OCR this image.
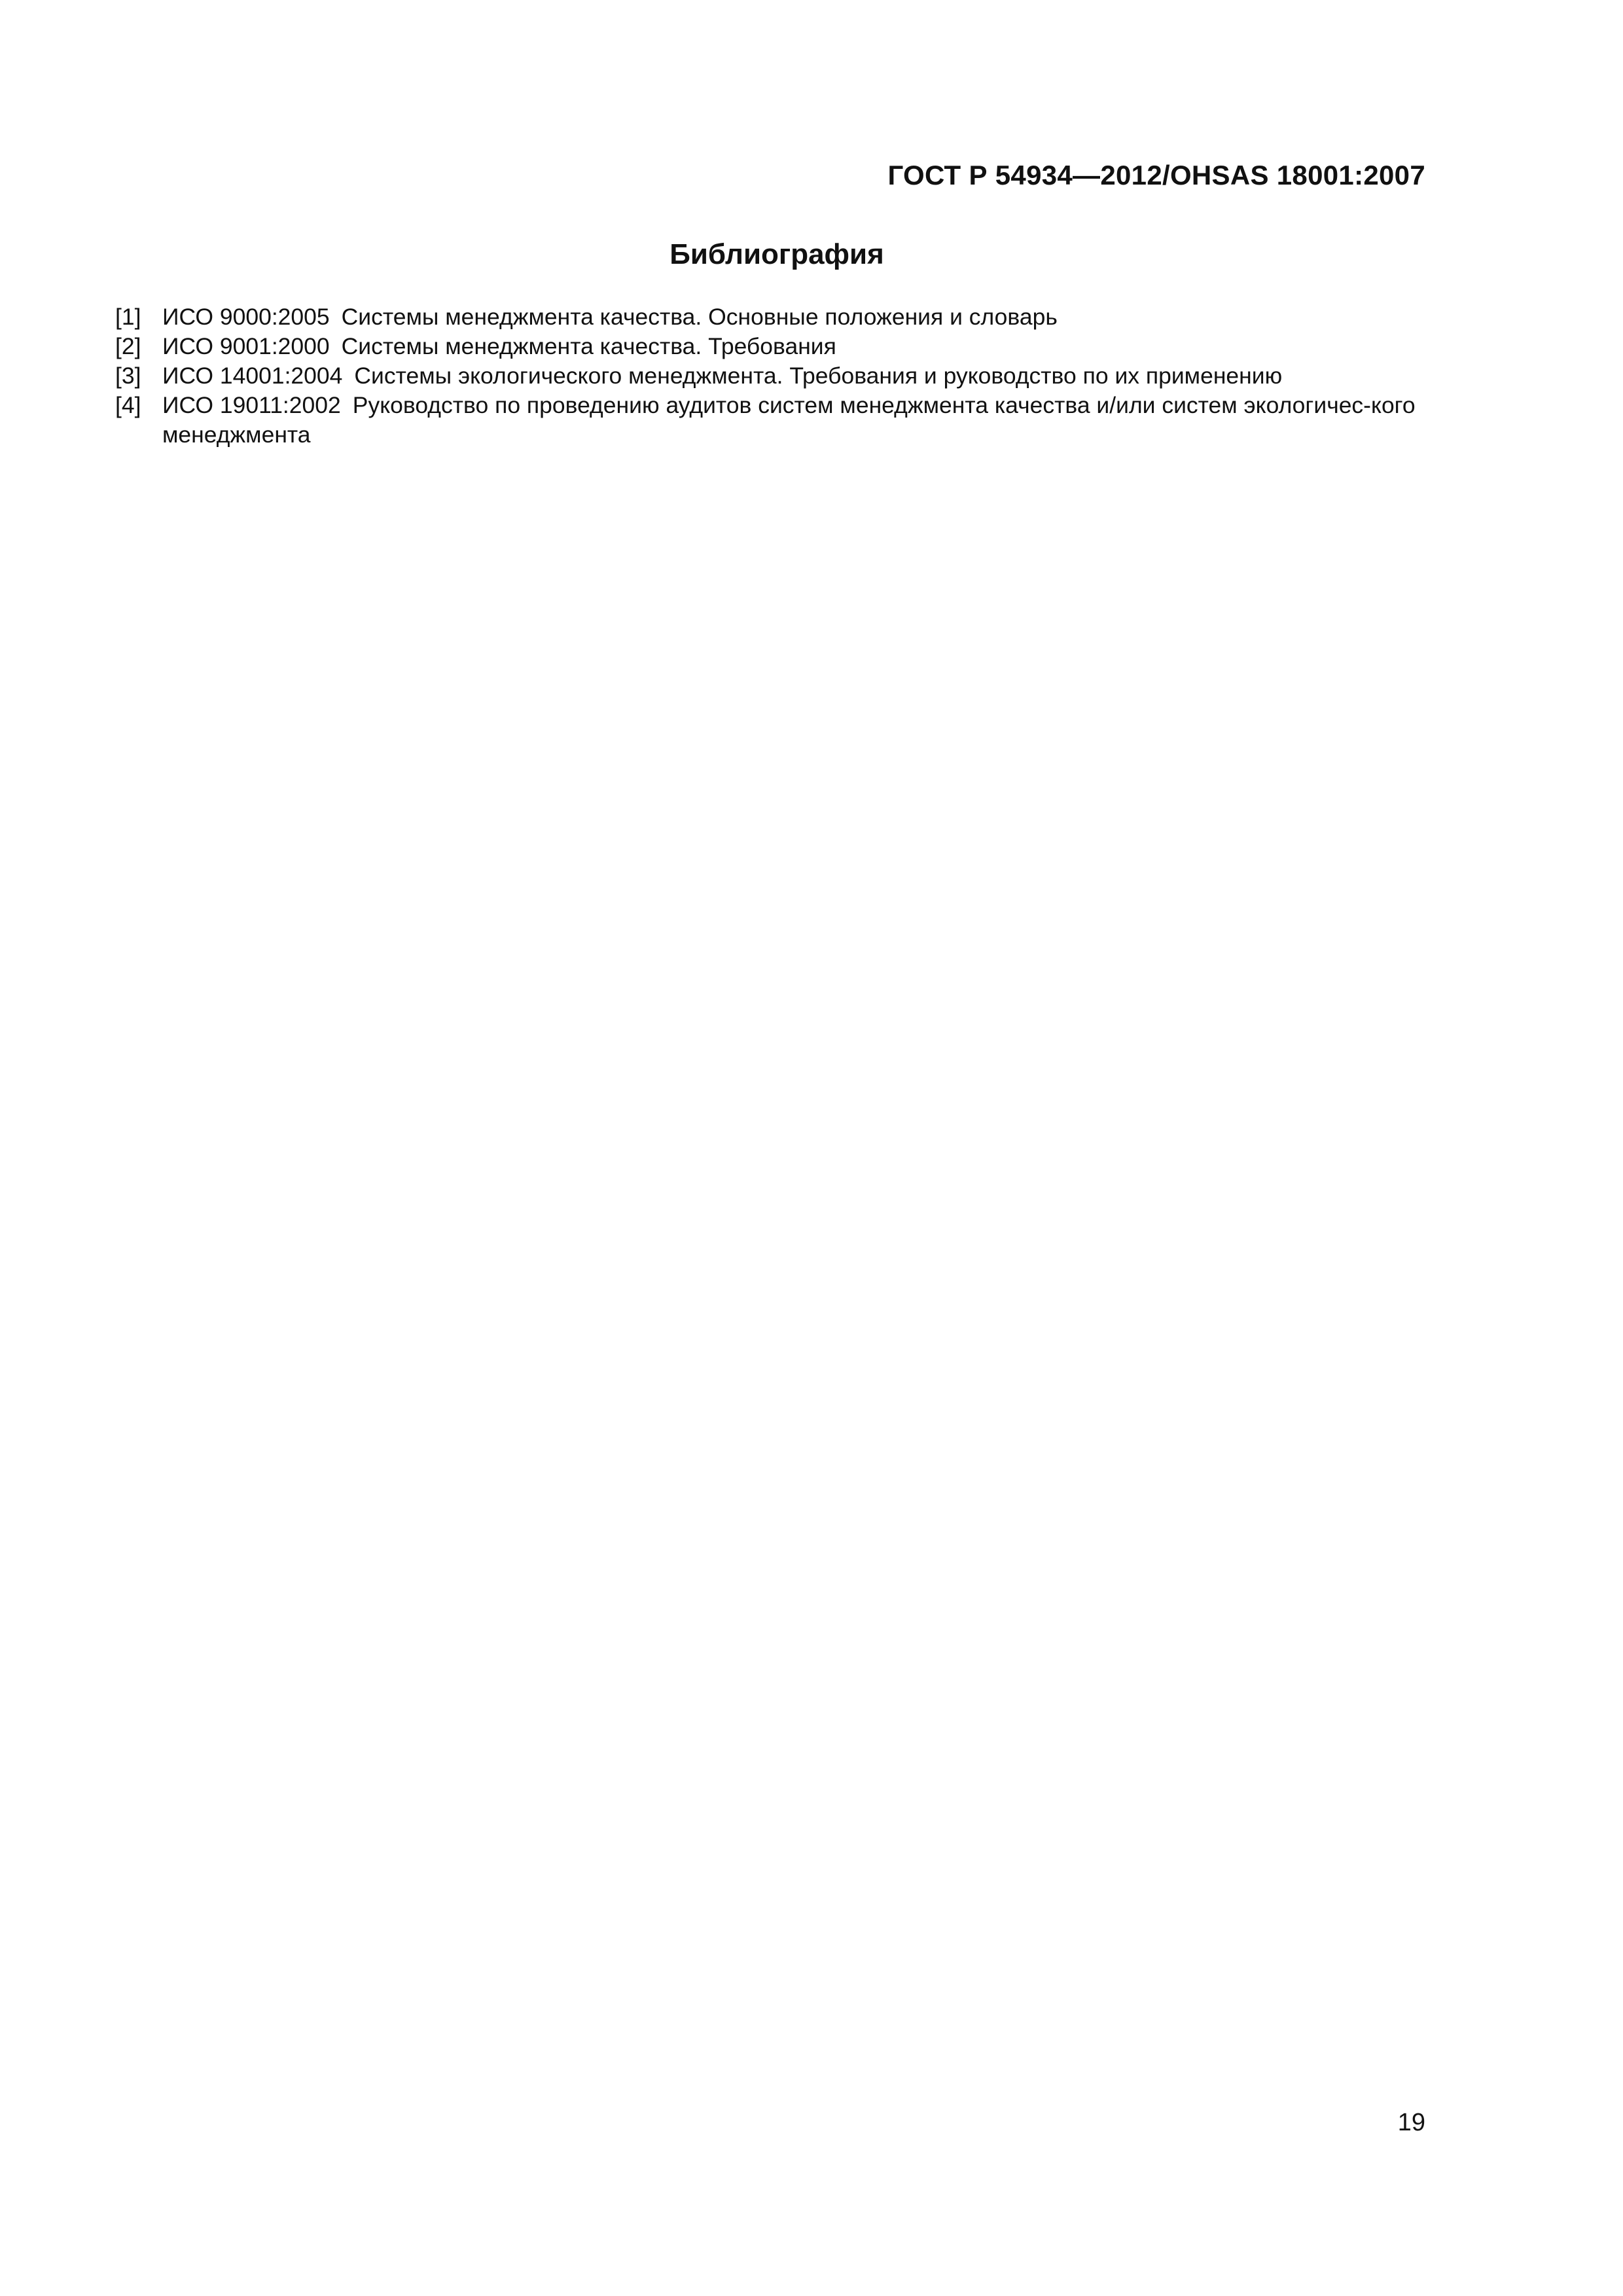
ГОСТ Р 54934—2012/OHSAS 18001:2007
Библиография
[1] ИСО 9000:2005 Системы менеджмента качества. Основные положения и словарь
[2] ИСО 9001:2000 Системы менеджмента качества. Требования
[3] ИСО 14001:2004 Системы экологического менеджмента. Требования и руководство по их применению
[4] ИСО 19011:2002 Руководство по проведению аудитов систем менеджмента качества и/или систем экологичес-кого менеджмента
19
